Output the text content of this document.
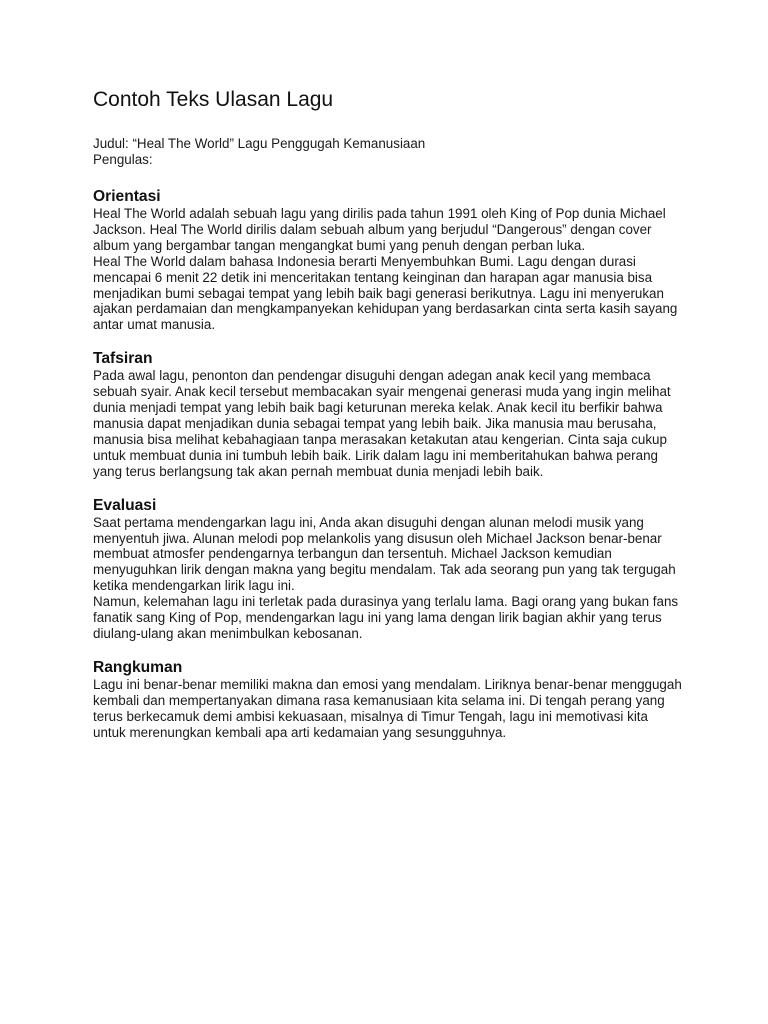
Contoh Teks Ulasan Lagu

Judul: “Heal The World” Lagu Penggugah Kemanusiaan

Pengulas:

Orientasi

Heal The World adalah sebuah lagu yang dirilis pada tahun 1991 oleh King of Pop dunia Michael Jackson. Heal The World dirilis dalam sebuah album yang berjudul “Dangerous” dengan cover album yang bergambar tangan mengangkat bumi yang penuh dengan perban luka.

Heal The World dalam bahasa Indonesia berarti Menyembuhkan Bumi. Lagu dengan durasi mencapai 6 menit 22 detik ini menceritakan tentang keinginan dan harapan agar manusia bisa menjadikan bumi sebagai tempat yang lebih baik bagi generasi berikutnya. Lagu ini menyerukan ajakan perdamaian dan mengkampanyekan kehidupan yang berdasarkan cinta serta kasih sayang antar umat manusia.

Tafsiran

Pada awal lagu, penonton dan pendengar disuguhi dengan adegan anak kecil yang membaca sebuah syair. Anak kecil tersebut membacakan syair mengenai generasi muda yang ingin melihat dunia menjadi tempat yang lebih baik bagi keturunan mereka kelak. Anak kecil itu berfikir bahwa manusia dapat menjadikan dunia sebagai tempat yang lebih baik. Jika manusia mau berusaha, manusia bisa melihat kebahagiaan tanpa merasakan ketakutan atau kengerian. Cinta saja cukup untuk membuat dunia ini tumbuh lebih baik. Lirik dalam lagu ini memberitahukan bahwa perang yang terus berlangsung tak akan pernah membuat dunia menjadi lebih baik.

Evaluasi

Saat pertama mendengarkan lagu ini, Anda akan disuguhi dengan alunan melodi musik yang menyentuh jiwa. Alunan melodi pop melankolis yang disusun oleh Michael Jackson benar-benar membuat atmosfer pendengarnya terbangun dan tersentuh. Michael Jackson kemudian menyuguhkan lirik dengan makna yang begitu mendalam. Tak ada seorang pun yang tak tergugah ketika mendengarkan lirik lagu ini.

Namun, kelemahan lagu ini terletak pada durasinya yang terlalu lama. Bagi orang yang bukan fans fanatik sang King of Pop, mendengarkan lagu ini yang lama dengan lirik bagian akhir yang terus diulang-ulang akan menimbulkan kebosanan.

Rangkuman

Lagu ini benar-benar memiliki makna dan emosi yang mendalam. Liriknya benar-benar menggugah kembali dan mempertanyakan dimana rasa kemanusiaan kita selama ini. Di tengah perang yang terus berkecamuk demi ambisi kekuasaan, misalnya di Timur Tengah, lagu ini memotivasi kita untuk merenungkan kembali apa arti kedamaian yang sesungguhnya.
